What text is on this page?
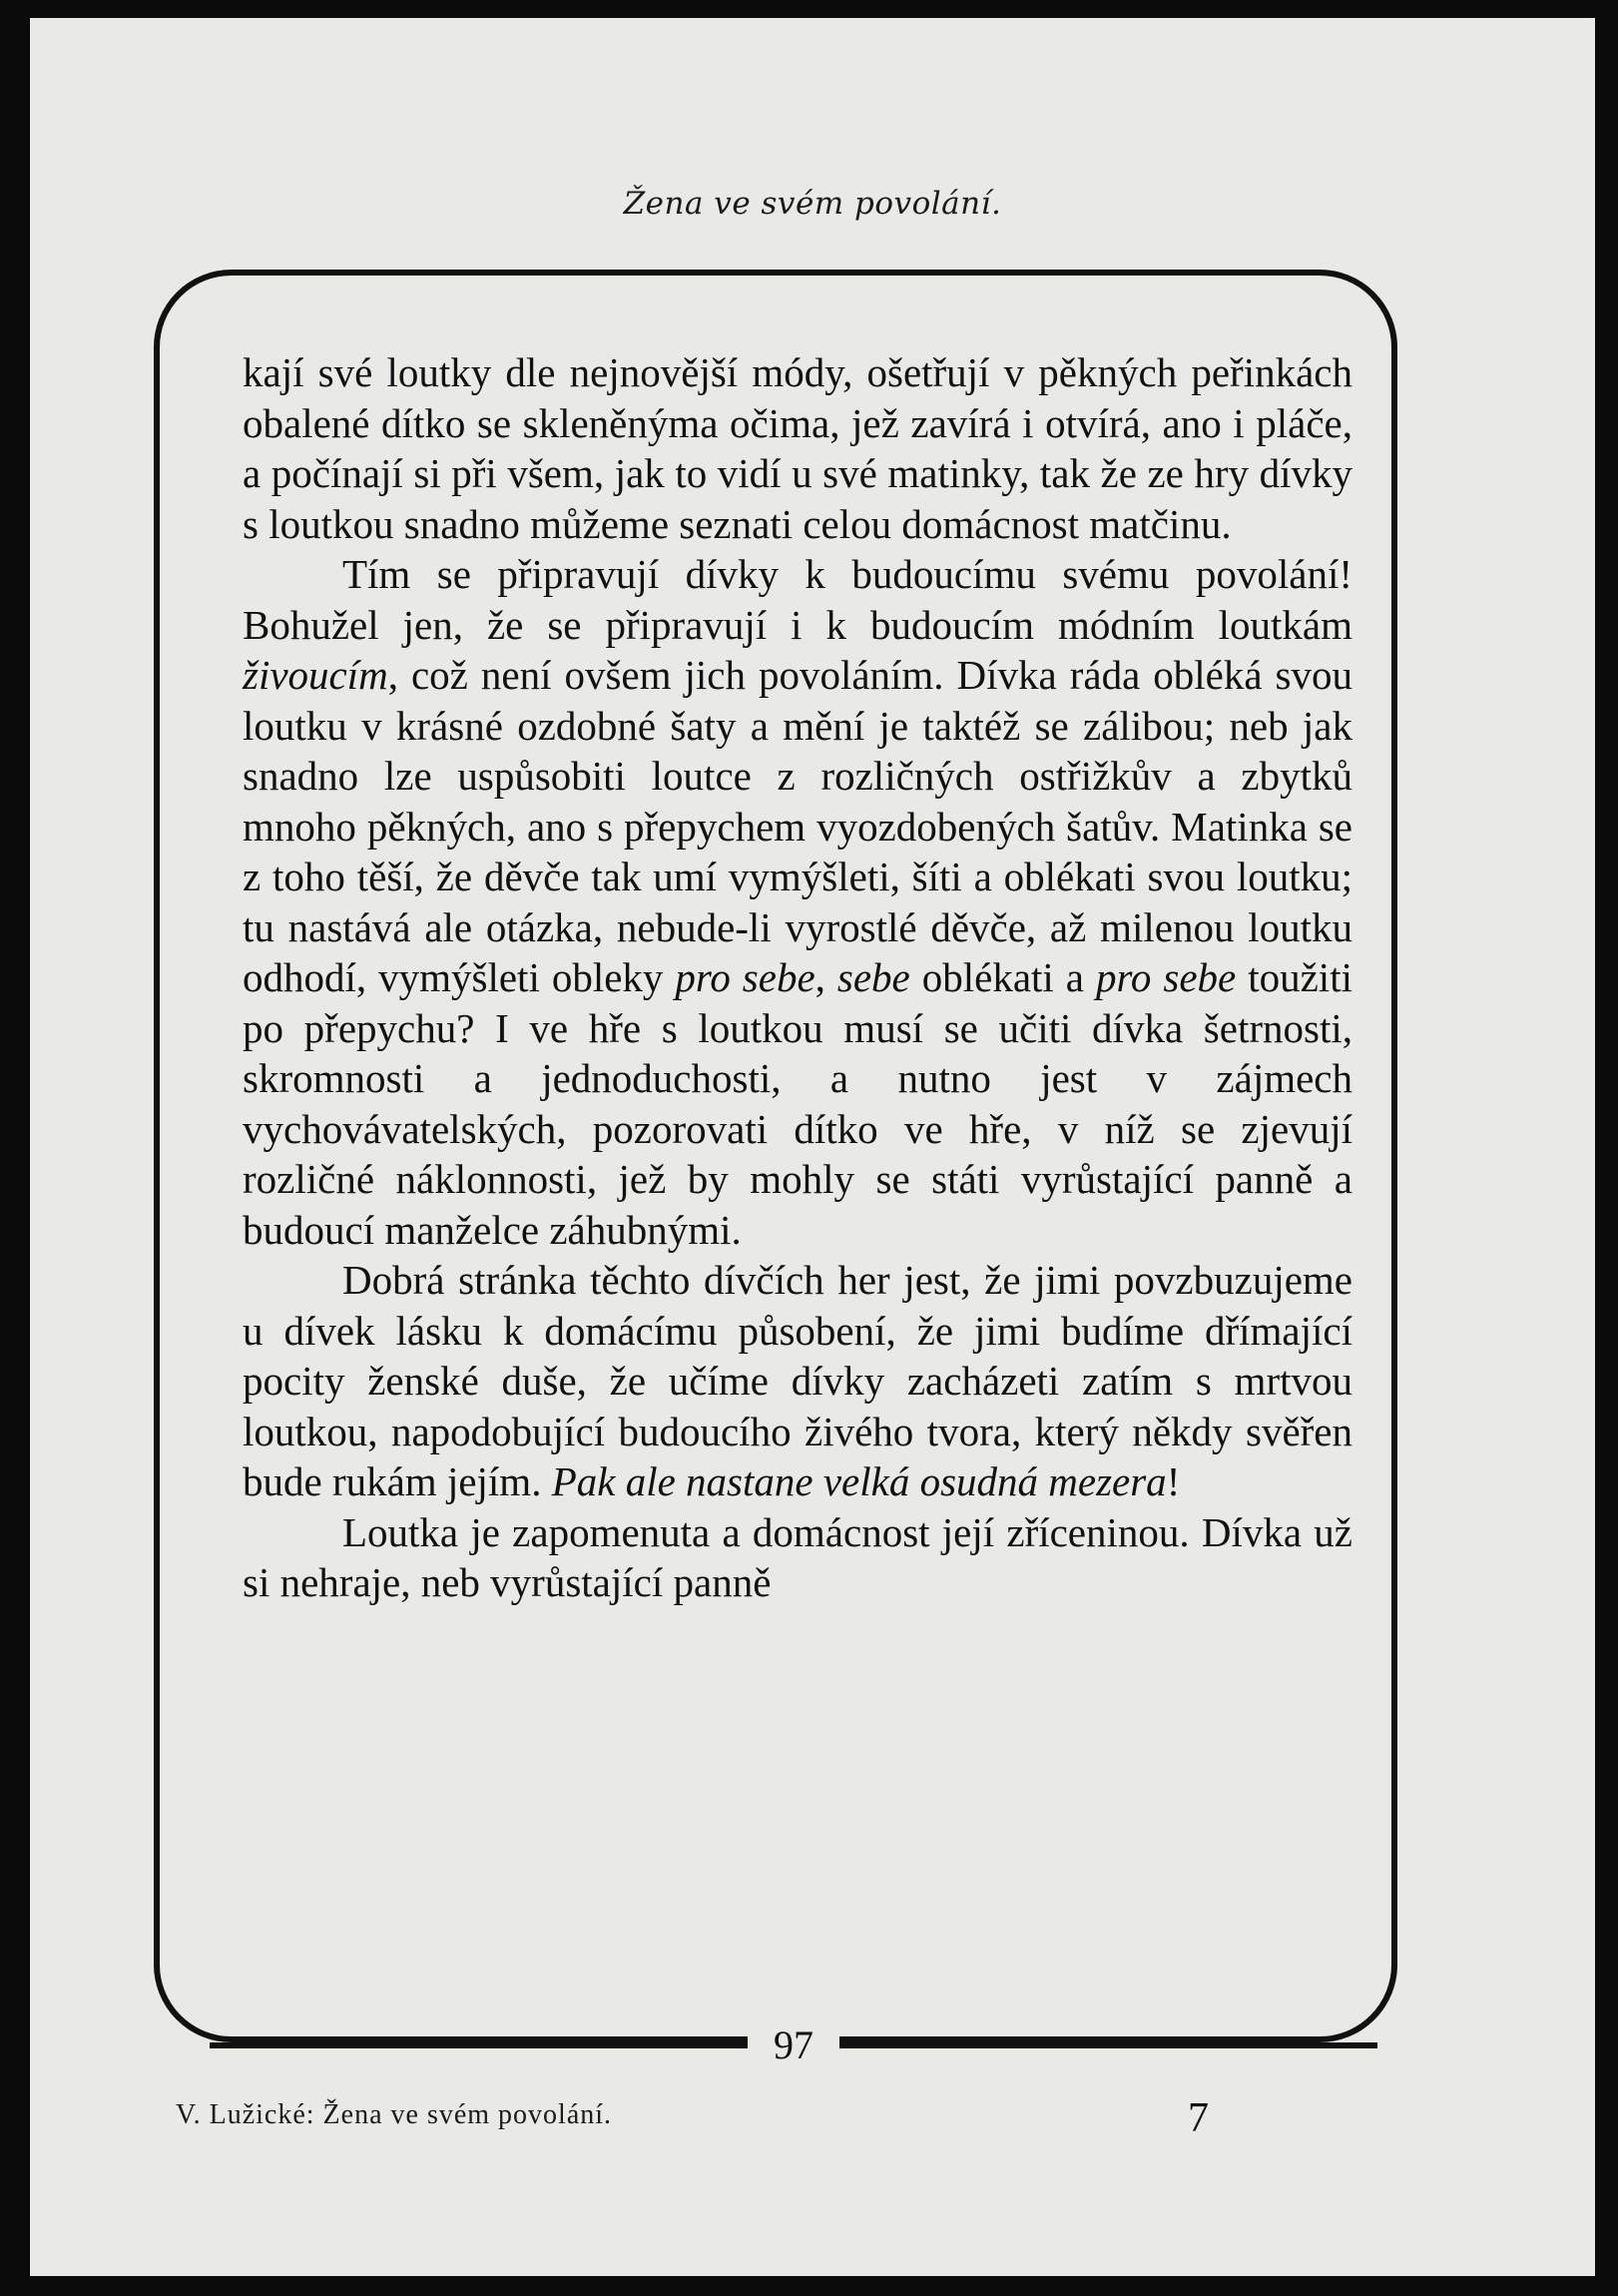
Žena ve svém povolání.

kají své loutky dle nejnovější módy, ošetřují v pěkných peřinkách obalené dítko se skleněnýma očima, jež zavírá i otvírá, ano i pláče, a počínají si při všem, jak to vidí u své matinky, tak že ze hry dívky s loutkou snadno můžeme seznati celou domácnost matčinu.

Tím se připravují dívky k budoucímu svému povolání! Bohužel jen, že se připravují i k budoucím módním loutkám živoucím, což není ovšem jich povoláním. Dívka ráda obléká svou loutku v krásné ozdobné šaty a mění je taktéž se zálibou; neb jak snadno lze uspůsobiti loutce z rozličných ostřižkův a zbytků mnoho pěkných, ano s přepychem vyozdobených šatův. Matinka se z toho těší, že děvče tak umí vymýšleti, šíti a oblékati svou loutku; tu nastává ale otázka, nebude-li vyrostlé děvče, až milenou loutku odhodí, vymýšleti obleky pro sebe, sebe oblékati a pro sebe toužiti po přepychu? I ve hře s loutkou musí se učiti dívka šetrnosti, skromnosti a jednoduchosti, a nutno jest v zájmech vychovávatelských, pozorovati dítko ve hře, v níž se zjevují rozličné náklonnosti, jež by mohly se státi vyrůstající panně a budoucí manželce záhubnými.

Dobrá stránka těchto dívčích her jest, že jimi povzbuzujeme u dívek lásku k domácímu působení, že jimi budíme dřímající pocity ženské duše, že učíme dívky zacházeti zatím s mrtvou loutkou, napodobující budoucího živého tvora, který někdy svěřen bude rukám jejím. Pak ale nastane velká osudná mezera!

Loutka je zapomenuta a domácnost její zříceninou. Dívka už si nehraje, neb vyrůstající panně

97
V. Lužické: Žena ve svém povolání.	7
